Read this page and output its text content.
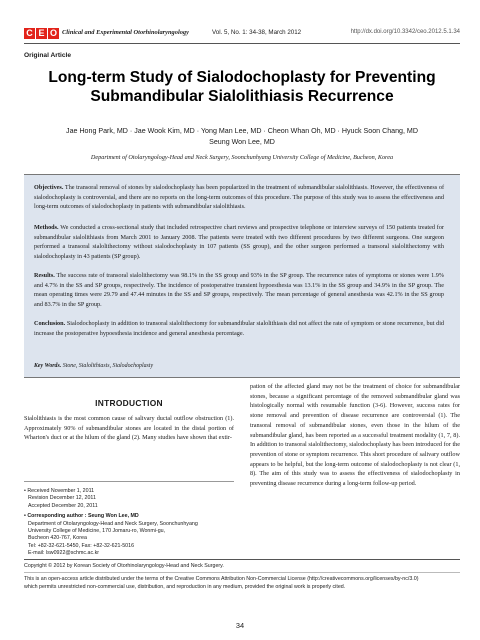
C E O Clinical and Experimental Otorhinolaryngology	Vol. 5, No. 1: 34-38, March 2012	http://dx.doi.org/10.3342/ceo.2012.5.1.34
Original Article
Long-term Study of Sialodochoplasty for Preventing
Submandibular Sialolithiasis Recurrence
Jae Hong Park, MD · Jae Wook Kim, MD · Yong Man Lee, MD · Cheon Whan Oh, MD · Hyuck Soon Chang, MD
Seung Won Lee, MD
Department of Otolaryngology-Head and Neck Surgery, Soonchunhyang University College of Medicine, Bucheon, Korea
Objectives. The transoral removal of stones by sialodochoplasty has been popularized in the treatment of submandibular sialolithiasis. However, the effectiveness of sialodochoplasty is controversial, and there are no reports on the long-term outcomes of this procedure. The purpose of this study was to assess the effectiveness and long-term outcomes of sialodochoplasty in patients with submandibular sialolithiasis.
Methods. We conducted a cross-sectional study that included retrospective chart reviews and prospective telephone or interview surveys of 150 patients treated for submandibular sialolithiasis from March 2001 to January 2008. The patients were treated with two different procedures by two different surgeons. One surgeon performed a transoral sialolithectomy without sialodochoplasty in 107 patients (SS group), and the other surgeon performed a transoral sialolithectomy with sialodochoplasty in 43 patients (SP group).
Results. The success rate of transoral sialolithectomy was 98.1% in the SS group and 93% in the SP group. The recurrence rates of symptoms or stones were 1.9% and 4.7% in the SS and SP groups, respectively. The incidence of postoperative transient hypoesthesia was 13.1% in the SS group and 34.9% in the SP group. The mean operating times were 29.79 and 47.44 minutes in the SS and SP groups, respectively. The mean percentage of general anesthesia was 42.1% in the SS group and 83.7% in the SP group.
Conclusion. Sialodochoplasty in addition to transoral sialolithectomy for submandibular sialolithiasis did not affect the rate of symptom or stone recurrence, but did increase the postoperative hypoesthesia incidence and general anesthesia percentage.
Key Words. Stone, Sialolithiasis, Sialodochoplasty
INTRODUCTION
Sialolithiasis is the most common cause of salivary ductal outflow obstruction (1). Approximately 90% of submandibular stones are located in the distal portion of Wharton's duct or at the hilum of the gland (2). Many studies have shown that extir-
pation of the affected gland may not be the treatment of choice for submandibular stones, because a significant percentage of the removed submandibular gland was histologically normal with resumable function (3-6). However, success rates for stone removal and prevention of disease recurrence are controversial (1). The transoral removal of submandibular stones, even those in the hilum of the submandibular gland, has been reported as a successful treatment modality (1, 7, 8). In addition to transoral sialolithectomy, sialodochoplasty has been introduced for the prevention of stone or symptom recurrence. This short procedure of salivary outflow appears to be helpful, but the long-term outcome of sialodochoplasty is not clear (1, 8). The aim of this study was to assess the effectiveness of sialodochoplasty in preventing disease recurrence during a long-term follow-up period.
• Received November 1, 2011
Revision December 12, 2011
Accepted December 20, 2011
• Corresponding author : Seung Won Lee, MD
Department of Otolaryngology-Head and Neck Surgery, Soonchunhyang
University College of Medicine, 170 Jomaru-ro, Wonmi-gu,
Bucheon 420-767, Korea
Tel: +82-32-621-5450, Fax: +82-32-621-5016
E-mail: lsw0922@schmc.ac.kr
Copyright © 2012 by Korean Society of Otorhinolaryngology-Head and Neck Surgery.
This is an open-access article distributed under the terms of the Creative Commons Attribution Non-Commercial License (http://creativecommons.org/licenses/by-nc/3.0)
which permits unrestricted non-commercial use, distribution, and reproduction in any medium, provided the original work is properly cited.
34
